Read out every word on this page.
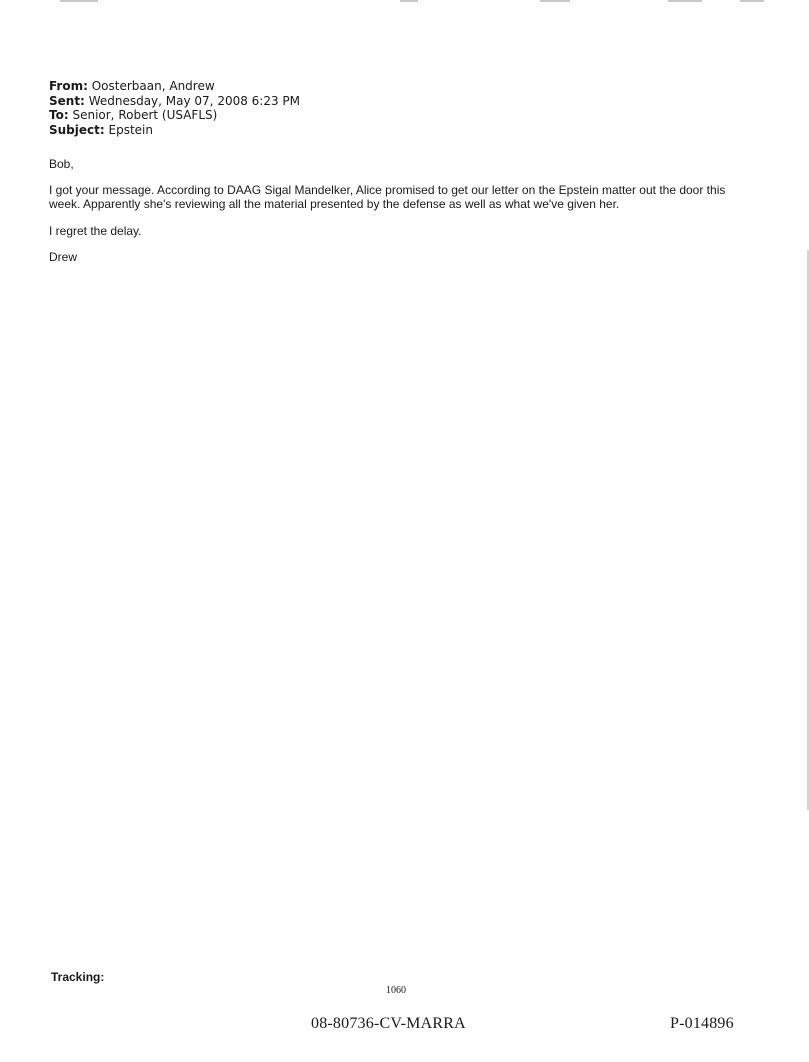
From: Oosterbaan, Andrew
Sent: Wednesday, May 07, 2008 6:23 PM
To: Senior, Robert (USAFLS)
Subject: Epstein
Bob,
I got your message. According to DAAG Sigal Mandelker, Alice promised to get our letter on the Epstein matter out the door this week. Apparently she's reviewing all the material presented by the defense as well as what we've given her.
I regret the delay.
Drew
Tracking:
1060
08-80736-CV-MARRA	P-014896
